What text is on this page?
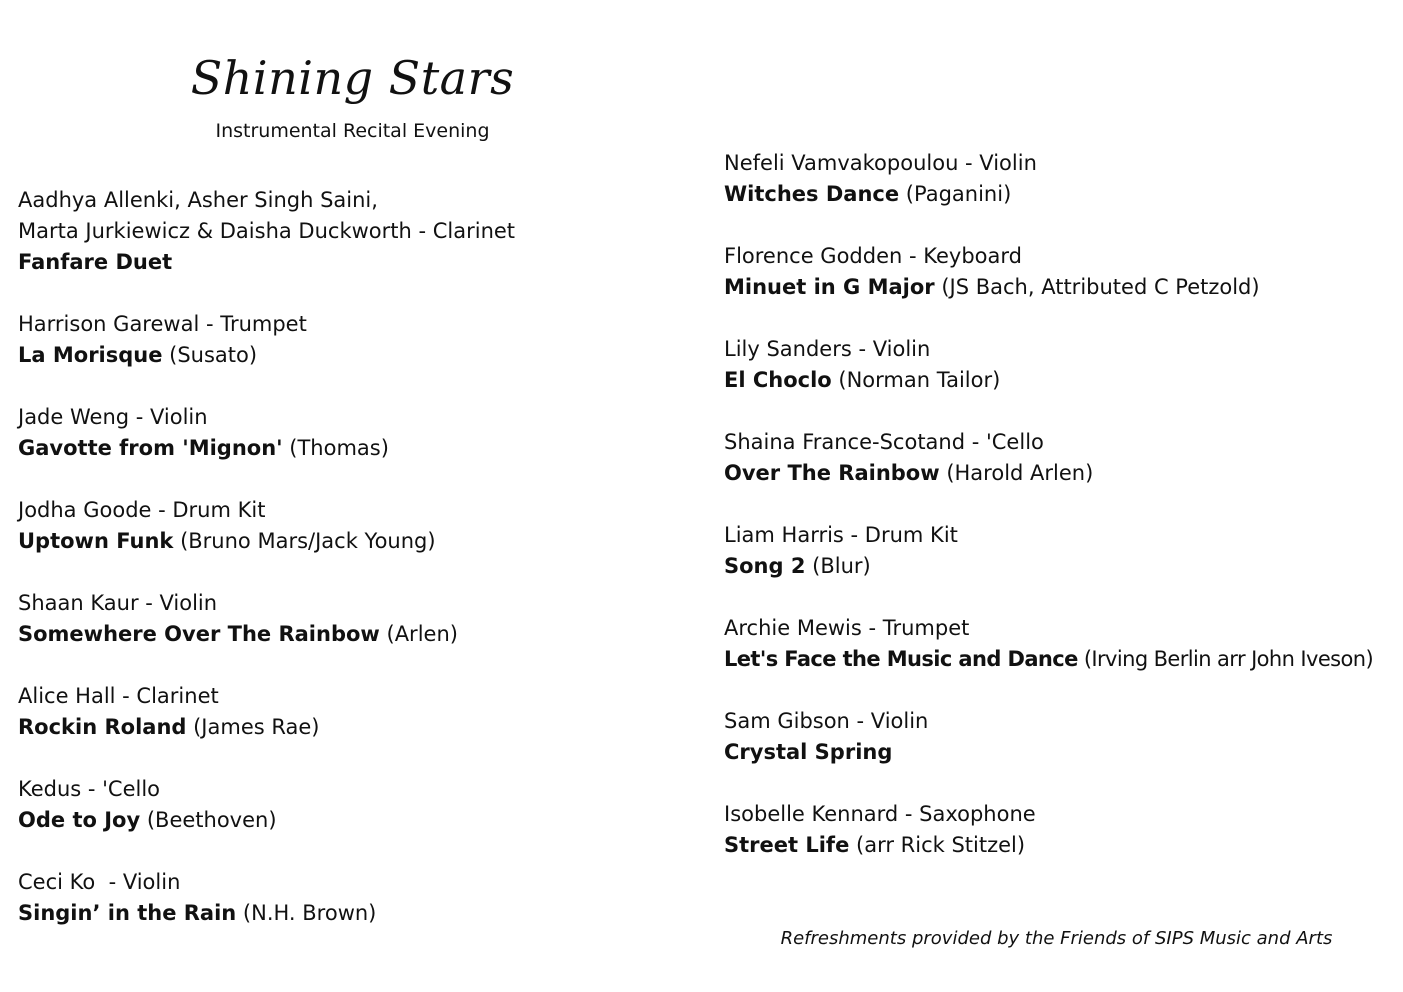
Shining Stars
Instrumental Recital Evening
Aadhya Allenki, Asher Singh Saini,
Marta Jurkiewicz & Daisha Duckworth - Clarinet
Fanfare Duet
Harrison Garewal - Trumpet
La Morisque (Susato)
Jade Weng - Violin
Gavotte from 'Mignon' (Thomas)
Jodha Goode - Drum Kit
Uptown Funk (Bruno Mars/Jack Young)
Shaan Kaur - Violin
Somewhere Over The Rainbow (Arlen)
Alice Hall - Clarinet
Rockin Roland (James Rae)
Kedus - 'Cello
Ode to Joy (Beethoven)
Ceci Ko  - Violin
Singin’ in the Rain (N.H. Brown)
Nefeli Vamvakopoulou - Violin
Witches Dance (Paganini)
Florence Godden - Keyboard
Minuet in G Major (JS Bach, Attributed C Petzold)
Lily Sanders - Violin
El Choclo (Norman Tailor)
Shaina France-Scotand - 'Cello
Over The Rainbow (Harold Arlen)
Liam Harris - Drum Kit
Song 2 (Blur)
Archie Mewis - Trumpet
Let's Face the Music and Dance (Irving Berlin arr John Iveson)
Sam Gibson - Violin
Crystal Spring
Isobelle Kennard - Saxophone
Street Life (arr Rick Stitzel)
Refreshments provided by the Friends of SIPS Music and Arts
